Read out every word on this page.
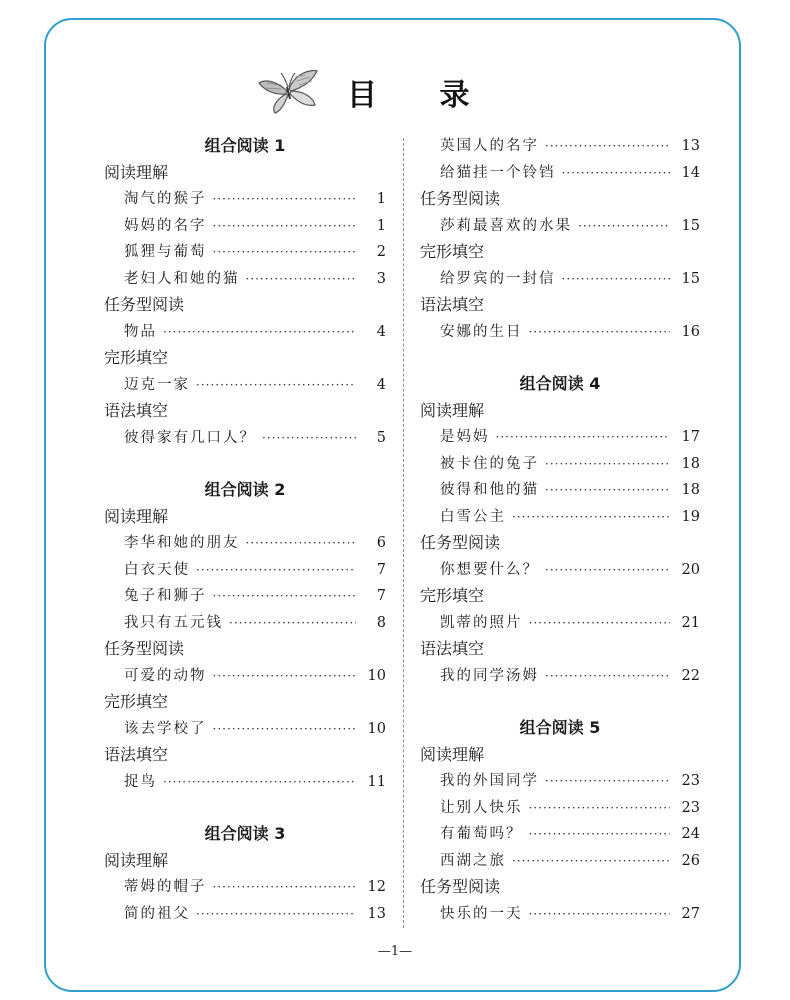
目 录
组合阅读 1
阅读理解
淘气的猴子 ·····	1
妈妈的名字 ·····	1
狐狸与葡萄 ·····	2
老妇人和她的猫 ·····	3
任务型阅读
物品 ·····	4
完形填空
迈克一家 ·····	4
语法填空
彼得家有几口人？ ·····	5
组合阅读 2
阅读理解
李华和她的朋友 ·····	6
白衣天使 ·····	7
兔子和狮子 ·····	7
我只有五元钱 ·····	8
任务型阅读
可爱的动物 ·····	10
完形填空
该去学校了 ·····	10
语法填空
捉鸟 ·····	11
组合阅读 3
阅读理解
蒂姆的帽子 ·····	12
简的祖父 ·····	13
英国人的名字 ·····	13
给猫挂一个铃铛 ·····	14
任务型阅读
莎莉最喜欢的水果 ·····	15
完形填空
给罗宾的一封信 ·····	15
语法填空
安娜的生日 ·····	16
组合阅读 4
阅读理解
是妈妈 ·····	17
被卡住的兔子 ·····	18
彼得和他的猫 ·····	18
白雪公主 ·····	19
任务型阅读
你想要什么？ ·····	20
完形填空
凯蒂的照片 ·····	21
语法填空
我的同学汤姆 ·····	22
组合阅读 5
阅读理解
我的外国同学 ·····	23
让别人快乐 ·····	23
有葡萄吗？ ·····	24
西湖之旅 ·····	26
任务型阅读
快乐的一天 ·····	27
—1—
